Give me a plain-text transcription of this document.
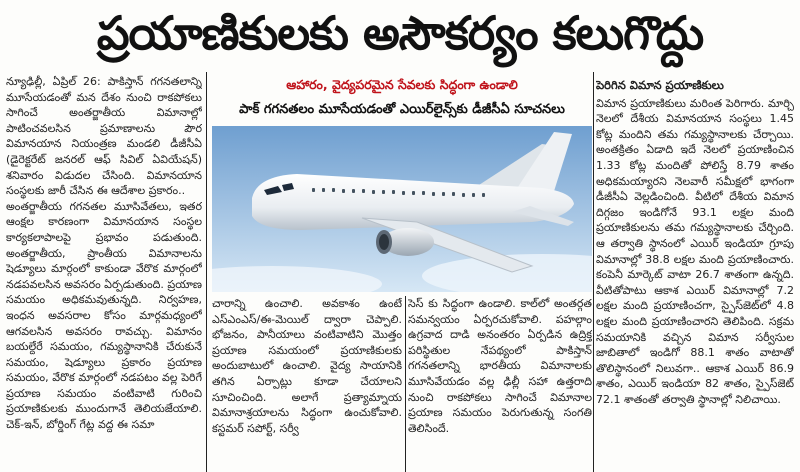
ప్రయాణికులకు అసౌకర్యం కలుగొద్దు

న్యూఢిల్లీ, ఏప్రిల్ 26: పాకిస్తాన్ గగనతలాన్ని మూసేయడంతో మన దేశం నుంచి రాకపోకలు సాగించే అంతర్జాతీయ విమానాల్లో పాటించవలసిన ప్రమాణాలను పౌర విమానయాన నియంత్రణ మండలి డీజీసీఏ (డైరెక్టరేట్ జనరల్ ఆఫ్ సివిల్ ఏవియేషన్) శనివారం విడుదల చేసింది. విమానయాన సంస్థలకు జారీ చేసిన ఈ ఆదేశాల ప్రకారం..

అంతర్జాతీయ గగనతల మూసివేతలు, ఇతర ఆంక్షల కారణంగా విమానయాన సంస్థల కార్యకలాపాలపై ప్రభావం పడుతుంది. అంతర్జాతీయ, ప్రాంతీయ విమానాలను షెడ్యూలు మార్గంలో కాకుండా వేరొక మార్గంలో నడపవలసిన అవసరం ఏర్పడుతుంది. ప్రయాణ సమయం అధికమవుతున్నది. నిర్వహణ, ఇంధన అవసరాల కోసం మార్గమధ్యంలో ఆగవలసిన అవసరం రావచ్చు. విమానం బయల్దేరే సమయం, గమ్యస్థానానికి చేరుకునే సమయం, షెడ్యూలు ప్రకారం ప్రయాణ సమయం, వేరొక మార్గంలో నడపటం వల్ల పెరిగే ప్రయాణ సమయం వంటివాటి గురించి ప్రయాణికులకు ముందుగానే తెలియజేయాలి. చెక్-ఇన్, బోర్డింగ్ గేట్ల వద్ద ఈ సమా

ఆహారం, వైద్యపరమైన సేవలకు సిద్ధంగా ఉండాలి
పాక్ గగనతలం మూసేయడంతో ఎయిర్‌లైన్స్‌కు డీజీసీఏ సూచనలు
చారాన్ని ఉంచాలి. అవకాశం ఉంటే ఎస్ఎంఎస్/ఈ-మెయిల్ ద్వారా చెప్పాలి. భోజనం, పానీయాలు వంటివాటిని మొత్తం ప్రయాణ సమయంలో ప్రయాణికులకు అందుబాటులో ఉంచాలి. వైద్య సాయానికి తగిన ఏర్పాట్లు కూడా చేయాలని సూచించింది. అలాగే ప్రత్యామ్నాయ విమానాశ్రయాలను సిద్ధంగా ఉంచుకోవాలి. కస్టమర్ సపోర్ట్, సర్వీ
సెస్ కు సిద్ధంగా ఉండాలి. కాల్‌లో అంతర్గత సమన్వయం ఏర్పరచుకోవాలి. పహల్గాం ఉగ్రవాద దాడి అనంతరం ఏర్పడిన ఉద్రిక్త పరిస్థితుల నేపథ్యంలో పాకిస్తాన్ గగనతలాన్ని భారతీయ విమానాలకు మూసివేయడం వల్ల ఢిల్లీ సహా ఉత్తరాది నుంచి రాకపోకలు సాగించే విమానాల ప్రయాణ సమయం పెరుగుతున్న సంగతి తెలిసిందే.
పెరిగిన విమాన ప్రయాణికులు

విమాన ప్రయాణికులు మరింత పెరిగారు. మార్చి నెలలో దేశీయ విమానయాన సంస్థలు 1.45 కోట్ల మందిని తమ గమ్యస్థానాలకు చేర్చాయి. అంతక్రితం ఏడాది ఇదే నెలలో ప్రయాణించిన 1.33 కోట్ల మందితో పోలిస్తే 8.79 శాతం అధికమయ్యారని నెలవారీ సమీక్షలో భాగంగా డీజీసీఏ వెల్లడించింది. వీటిలో దేశీయ విమాన దిగ్గజం ఇండిగోనే 93.1 లక్షల మంది ప్రయాణికులను తమ గమ్యస్థానాలకు చేర్చింది. ఆ తర్వాతి స్థానంలో ఎయిర్ ఇండియా గ్రూపు విమానాల్లో 38.8 లక్షల మంది ప్రయాణించారు. కంపెనీ మార్కెట్ వాటా 26.7 శాతంగా ఉన్నది. వీటితోపాటు ఆకాశ ఎయిర్ విమానాల్లో 7.2 లక్షల మంది ప్రయాణించగా, స్పైస్‌జెట్‌లో 4.8 లక్షల మంది ప్రయాణించారని తెలిపింది. సక్రమ సమయానికి వచ్చిన విమాన సర్వీసుల జాబితాలో ఇండిగో 88.1 శాతం వాటాతో తొలిస్థానంలో నిలువగా.. ఆకాశ ఎయిర్ 86.9 శాతం, ఎయిర్ ఇండియా 82 శాతం, స్పైస్‌జెట్ 72.1 శాతంతో తర్వాతి స్థానాల్లో నిలిచాయి.
